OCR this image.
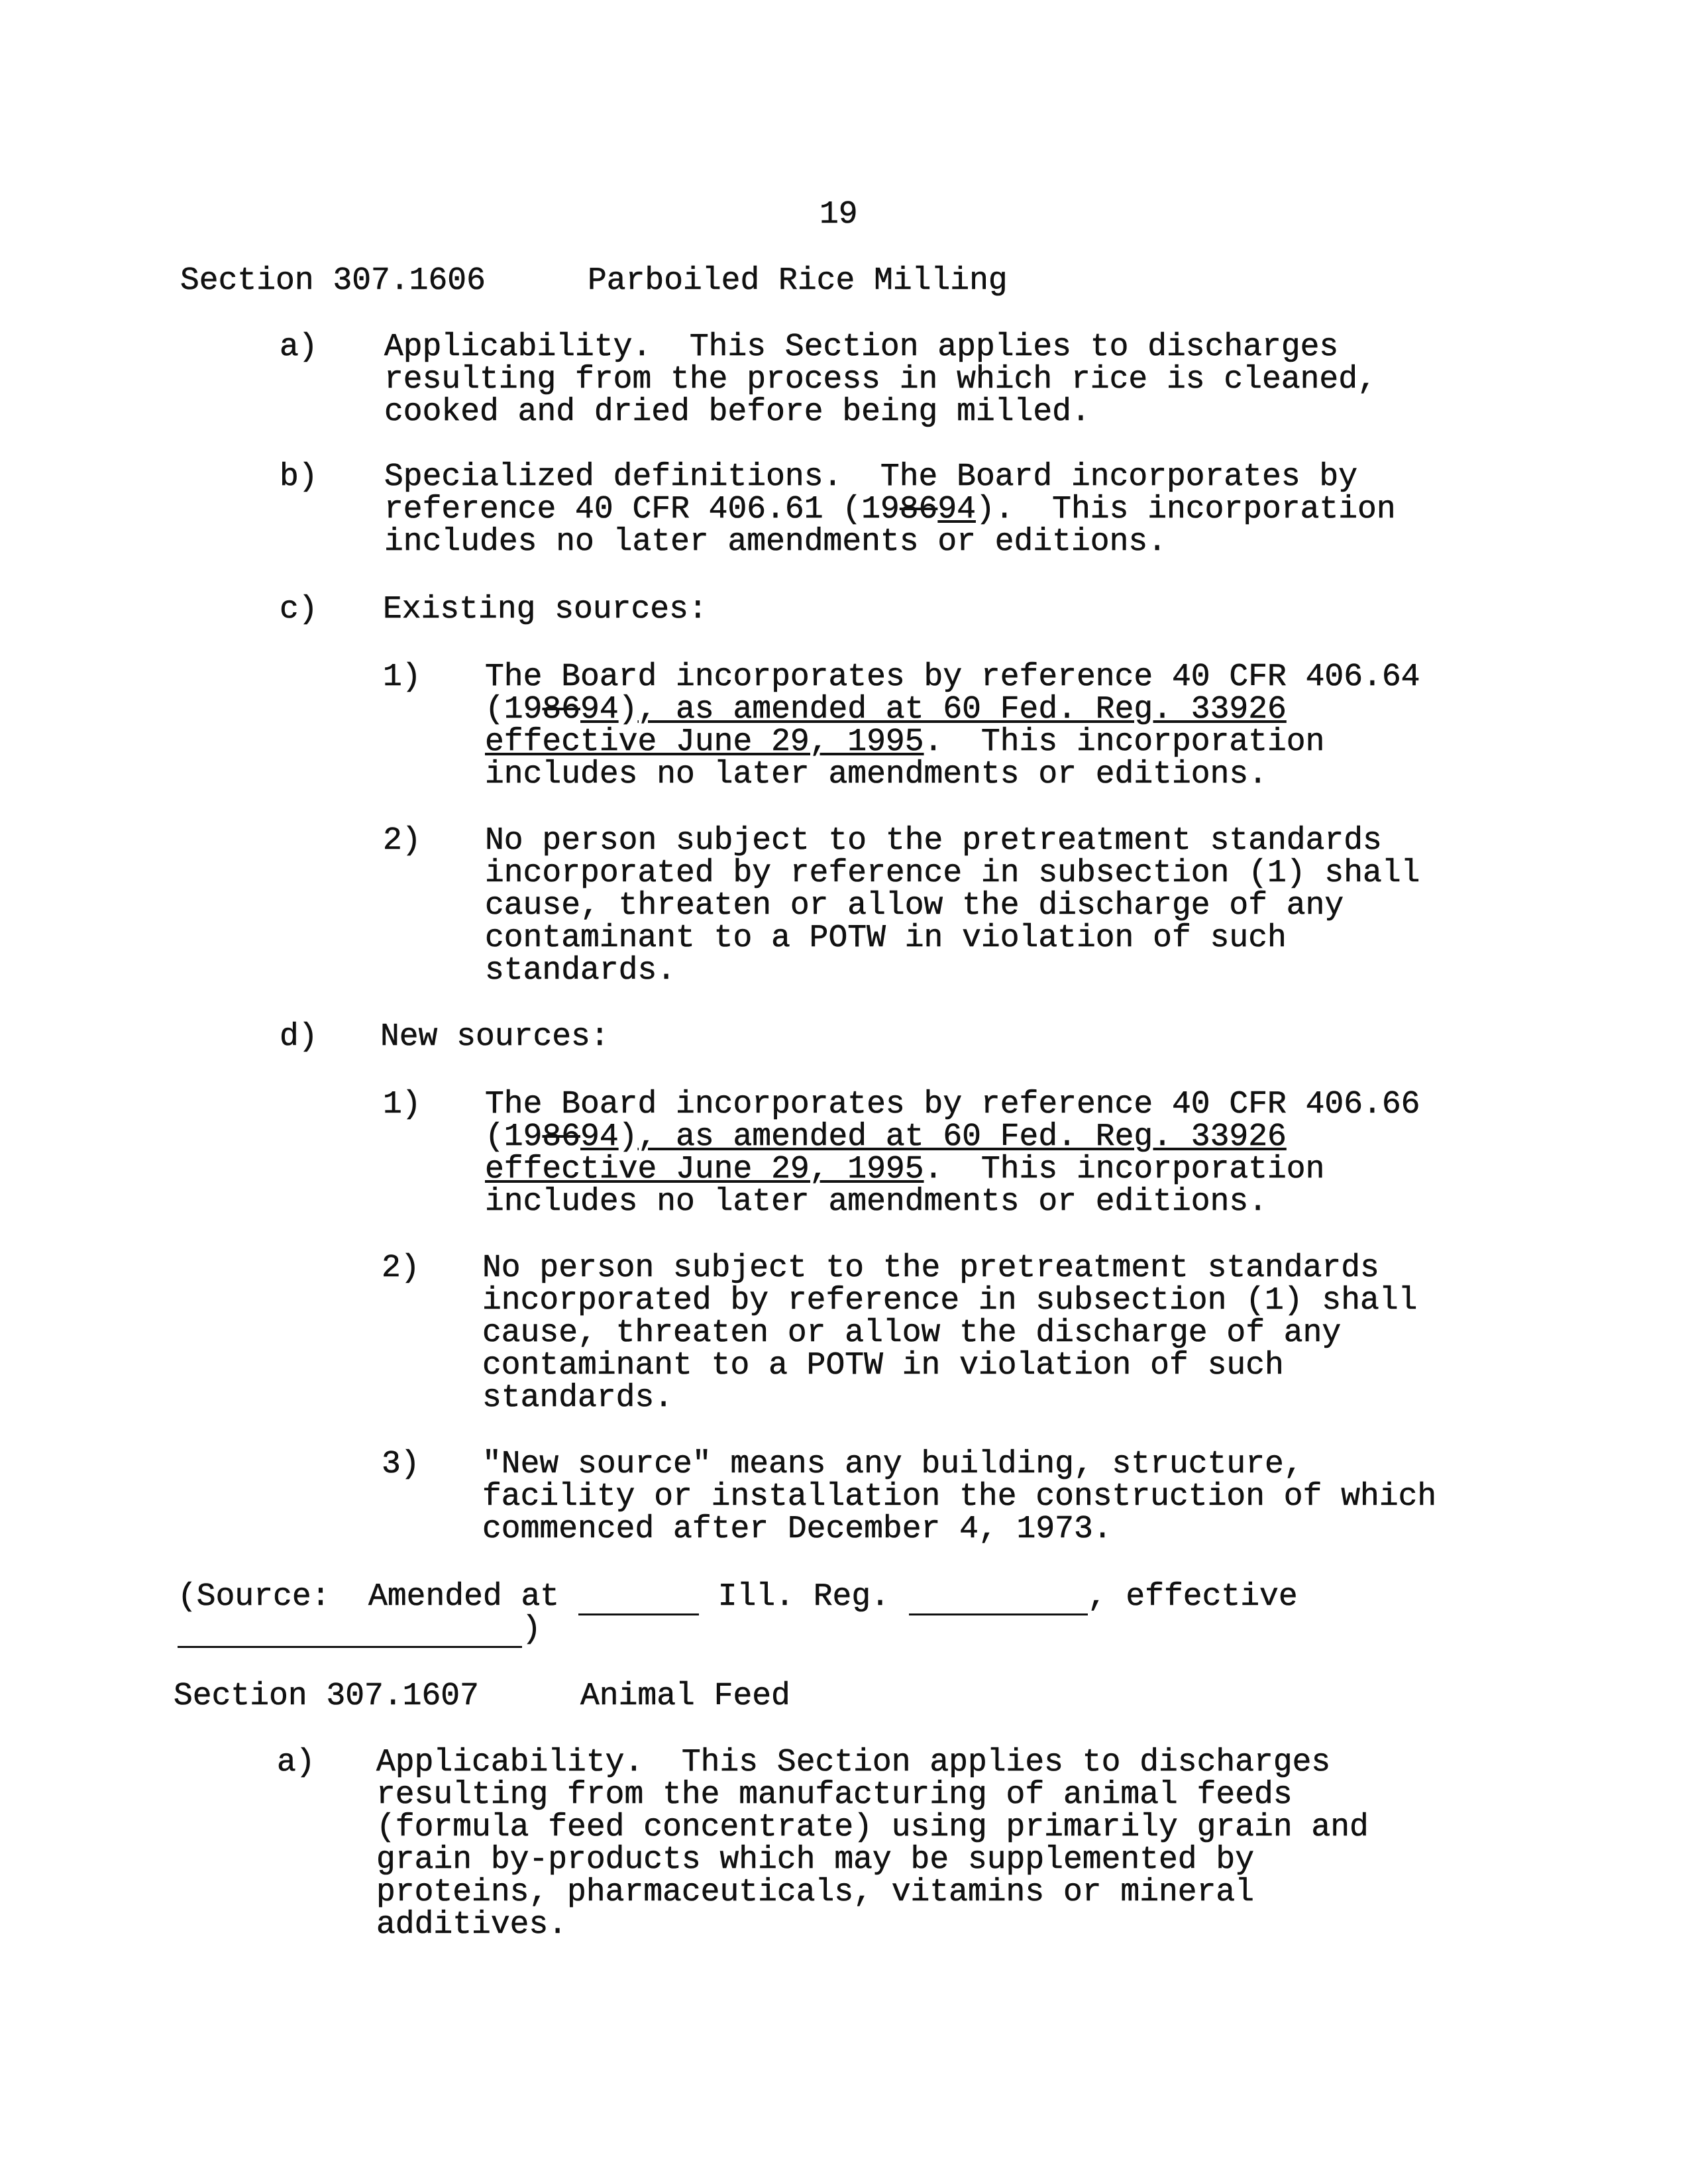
19
Section 307.1606	Parboiled Rice Milling
a) Applicability.  This Section applies to discharges
resulting from the process in which rice is cleaned,
cooked and dried before being milled.
b) Specialized definitions.  The Board incorporates by
reference 40 CFR 406.61 (198694).  This incorporation
includes no later amendments or editions.
c) Existing sources:
1) The Board incorporates by reference 40 CFR 406.64
(198694), as amended at 60 Fed. Reg. 33926
effective June 29, 1995.  This incorporation
includes no later amendments or editions.
2) No person subject to the pretreatment standards
incorporated by reference in subsection (1) shall
cause, threaten or allow the discharge of any
contaminant to a POTW in violation of such
standards.
d) New sources:
1) The Board incorporates by reference 40 CFR 406.66
(198694), as amended at 60 Fed. Reg. 33926
effective June 29, 1995.  This incorporation
includes no later amendments or editions.
2) No person subject to the pretreatment standards
incorporated by reference in subsection (1) shall
cause, threaten or allow the discharge of any
contaminant to a POTW in violation of such
standards.
3) "New source" means any building, structure,
facility or installation the construction of which
commenced after December 4, 1973.
(Source:  Amended at	Ill. Reg.	, effective
)
Section 307.1607	Animal Feed
a) Applicability.  This Section applies to discharges
resulting from the manufacturing of animal feeds
(formula feed concentrate) using primarily grain and
grain by-products which may be supplemented by
proteins, pharmaceuticals, vitamins or mineral
additives.
